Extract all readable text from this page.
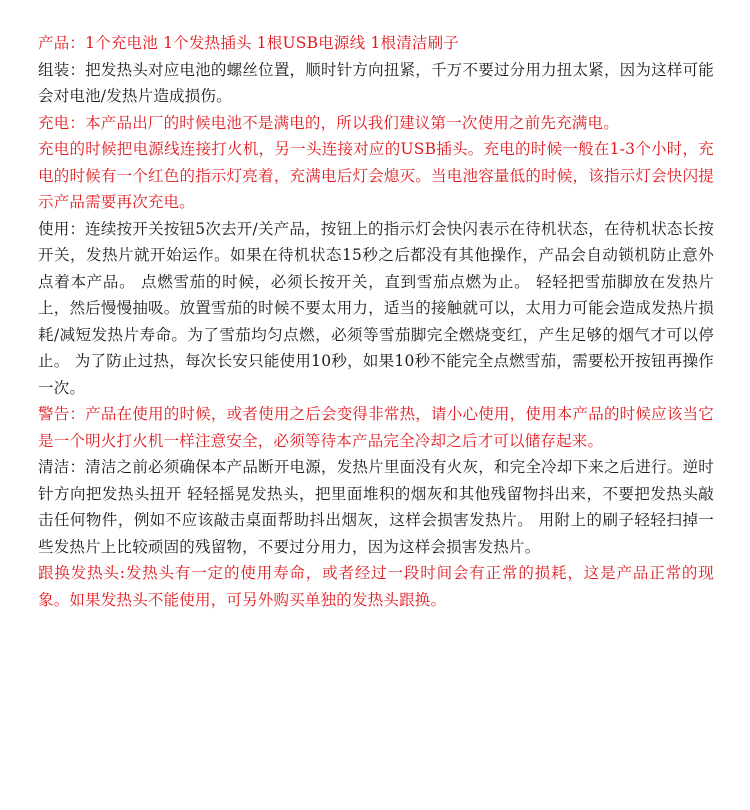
产品：1个充电池 1个发热插头 1根USB电源线 1根清洁刷子

组装：把发热头对应电池的螺丝位置，顺时针方向扭紧，千万不要过分用力扭太紧，因为这样可能会对电池/发热片造成损伤。

充电：本产品出厂的时候电池不是满电的，所以我们建议第一次使用之前先充满电。

充电的时候把电源线连接打火机，另一头连接对应的USB插头。充电的时候一般在1-3个小时，充电的时候有一个红色的指示灯亮着，充满电后灯会熄灭。当电池容量低的时候，该指示灯会快闪提示产品需要再次充电。

使用：连续按开关按钮5次去开/关产品，按钮上的指示灯会快闪表示在待机状态，在待机状态长按开关，发热片就开始运作。如果在待机状态15秒之后都没有其他操作，产品会自动锁机防止意外点着本产品。 点燃雪茄的时候，必须长按开关，直到雪茄点燃为止。 轻轻把雪茄脚放在发热片上，然后慢慢抽吸。放置雪茄的时候不要太用力，适当的接触就可以，太用力可能会造成发热片损耗/减短发热片寿命。为了雪茄均匀点燃，必须等雪茄脚完全燃烧变红，产生足够的烟气才可以停止。 为了防止过热，每次长安只能使用10秒，如果10秒不能完全点燃雪茄，需要松开按钮再操作一次。

警告：产品在使用的时候，或者使用之后会变得非常热，请小心使用，使用本产品的时候应该当它是一个明火打火机一样注意安全，必须等待本产品完全冷却之后才可以储存起来。

清洁：清洁之前必须确保本产品断开电源，发热片里面没有火灰，和完全冷却下来之后进行。逆时针方向把发热头扭开 轻轻摇晃发热头，把里面堆积的烟灰和其他残留物抖出来，不要把发热头敲击任何物件，例如不应该敲击桌面帮助抖出烟灰，这样会损害发热片。 用附上的刷子轻轻扫掉一些发热片上比较顽固的残留物，不要过分用力，因为这样会损害发热片。

跟换发热头:发热头有一定的使用寿命，或者经过一段时间会有正常的损耗，这是产品正常的现象。如果发热头不能使用，可另外购买单独的发热头跟换。
